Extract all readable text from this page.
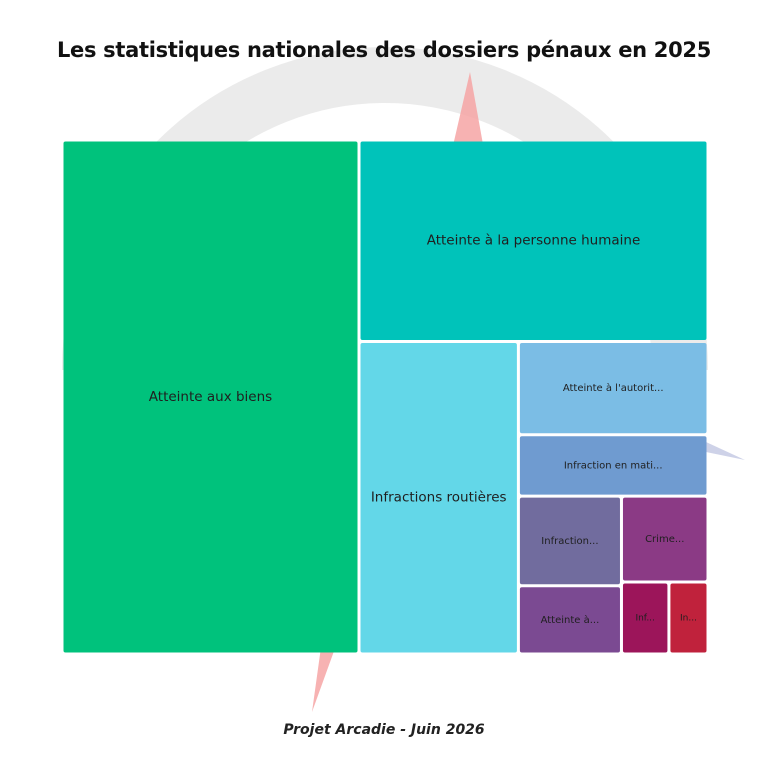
Les statistiques nationales des dossiers pénaux en 2025
Atteinte aux biens
Atteinte à la personne humaine
Infractions routières
Atteinte à l'autorit...
Infraction en mati...
Infraction...	Crime...
Atteinte à...	Inf...	In...
Projet Arcadie - Juin 2026
